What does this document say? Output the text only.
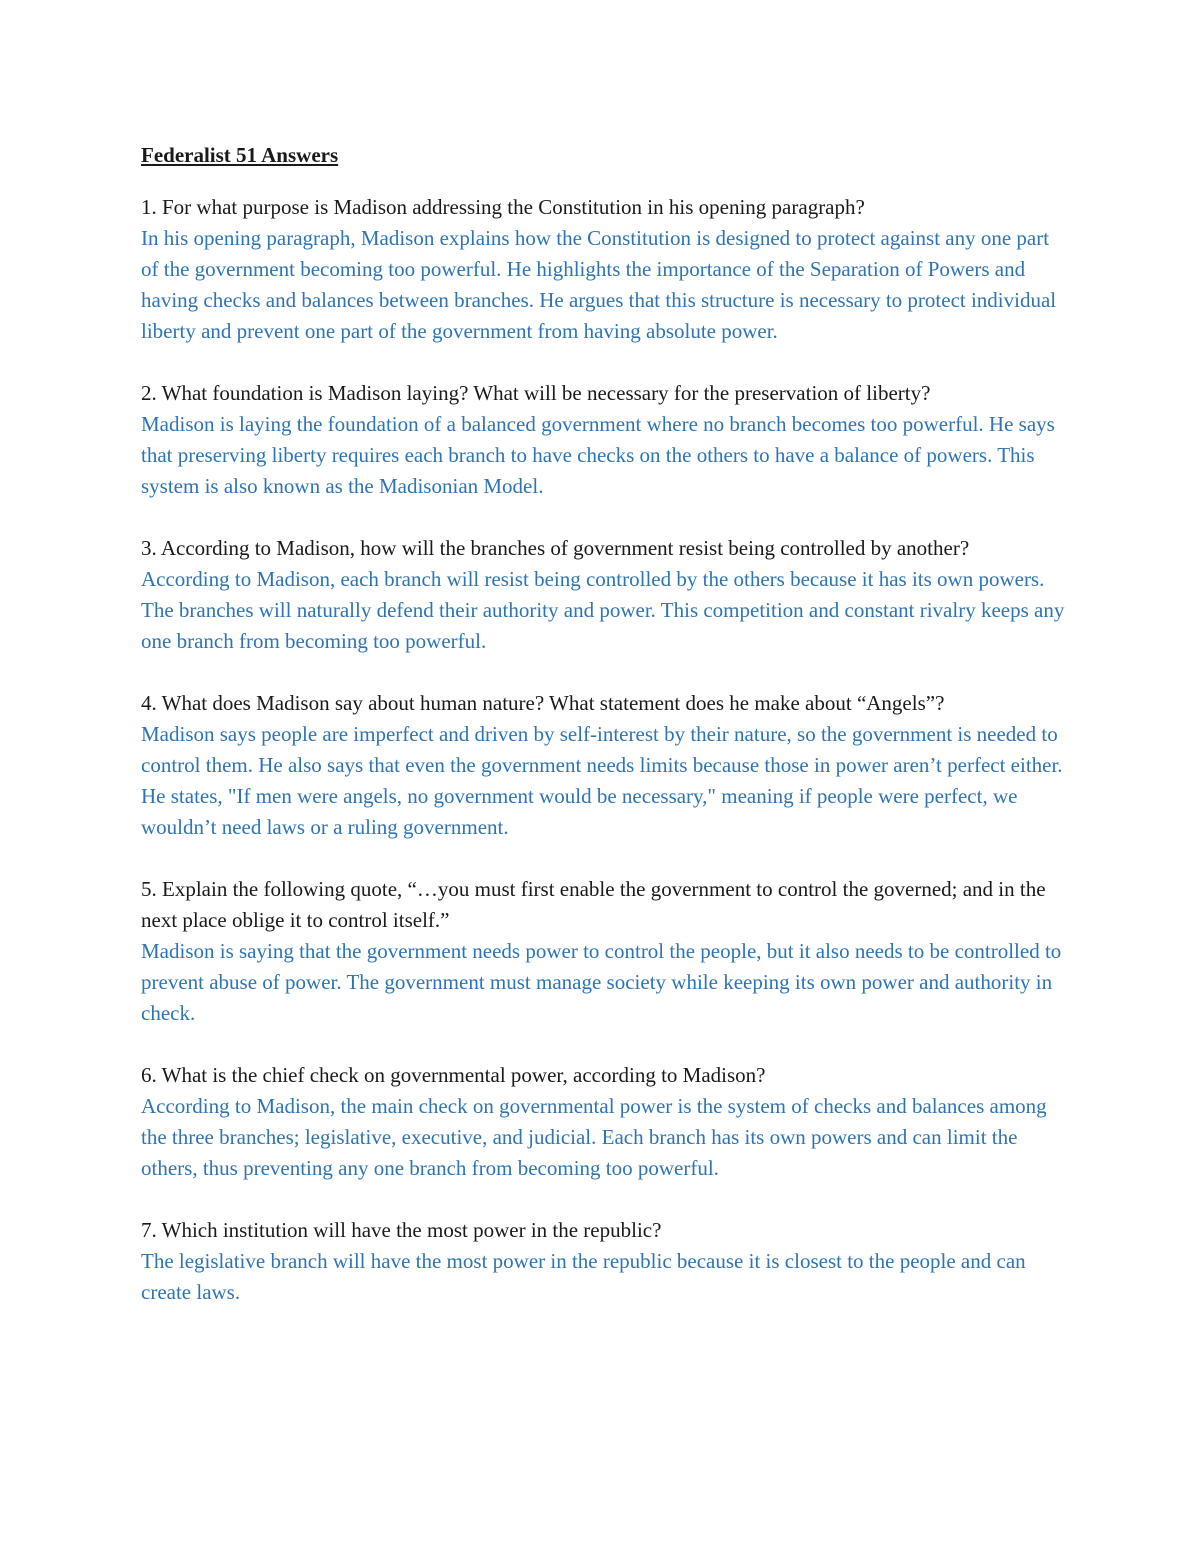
Federalist 51 Answers

1. For what purpose is Madison addressing the Constitution in his opening paragraph?

In his opening paragraph, Madison explains how the Constitution is designed to protect against any one part of the government becoming too powerful. He highlights the importance of the Separation of Powers and having checks and balances between branches. He argues that this structure is necessary to protect individual liberty and prevent one part of the government from having absolute power.

2. What foundation is Madison laying? What will be necessary for the preservation of liberty?

Madison is laying the foundation of a balanced government where no branch becomes too powerful. He says that preserving liberty requires each branch to have checks on the others to have a balance of powers. This system is also known as the Madisonian Model.

3. According to Madison, how will the branches of government resist being controlled by another?

According to Madison, each branch will resist being controlled by the others because it has its own powers. The branches will naturally defend their authority and power. This competition and constant rivalry keeps any one branch from becoming too powerful.

4. What does Madison say about human nature? What statement does he make about “Angels”?

Madison says people are imperfect and driven by self-interest by their nature, so the government is needed to control them. He also says that even the government needs limits because those in power aren’t perfect either. He states, "If men were angels, no government would be necessary," meaning if people were perfect, we wouldn’t need laws or a ruling government.

5. Explain the following quote, “…you must first enable the government to control the governed; and in the next place oblige it to control itself.”

Madison is saying that the government needs power to control the people, but it also needs to be controlled to prevent abuse of power. The government must manage society while keeping its own power and authority in check.

6. What is the chief check on governmental power, according to Madison?

According to Madison, the main check on governmental power is the system of checks and balances among the three branches; legislative, executive, and judicial. Each branch has its own powers and can limit the others, thus preventing any one branch from becoming too powerful.

7. Which institution will have the most power in the republic?

The legislative branch will have the most power in the republic because it is closest to the people and can create laws.
